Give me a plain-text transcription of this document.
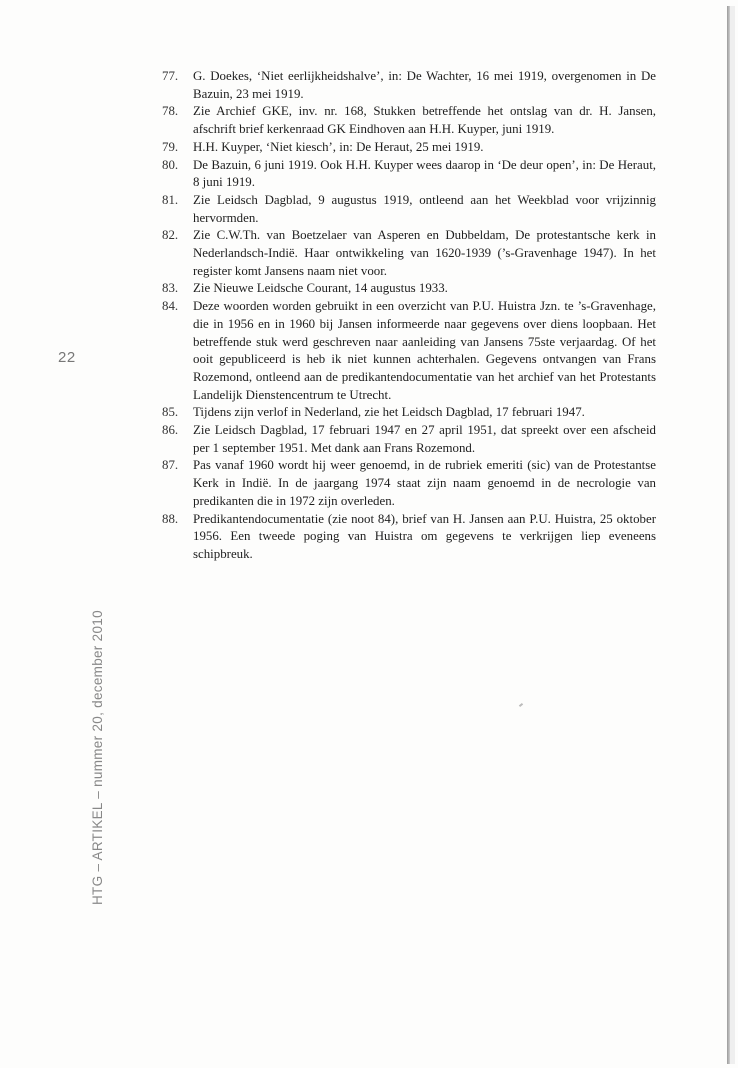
22
HTG – ARTIKEL – nummer 20, december 2010
77. G. Doekes, ‘Niet eerlijkheidshalve’, in: De Wachter, 16 mei 1919, overgenomen in De Bazuin, 23 mei 1919.
78. Zie Archief GKE, inv. nr. 168, Stukken betreffende het ontslag van dr. H. Jansen, afschrift brief kerkenraad GK Eindhoven aan H.H. Kuyper, juni 1919.
79. H.H. Kuyper, ‘Niet kiesch’, in: De Heraut, 25 mei 1919.
80. De Bazuin, 6 juni 1919. Ook H.H. Kuyper wees daarop in ‘De deur open’, in: De Heraut, 8 juni 1919.
81. Zie Leidsch Dagblad, 9 augustus 1919, ontleend aan het Weekblad voor vrijzinnig hervormden.
82. Zie C.W.Th. van Boetzelaer van Asperen en Dubbeldam, De protestantsche kerk in Nederlandsch-Indië. Haar ontwikkeling van 1620-1939 (’s-Gravenhage 1947). In het register komt Jansens naam niet voor.
83. Zie Nieuwe Leidsche Courant, 14 augustus 1933.
84. Deze woorden worden gebruikt in een overzicht van P.U. Huistra Jzn. te ’s-Gravenhage, die in 1956 en in 1960 bij Jansen informeerde naar gegevens over diens loopbaan. Het betreffende stuk werd geschreven naar aanleiding van Jansens 75ste verjaardag. Of het ooit gepubliceerd is heb ik niet kunnen achterhalen. Gegevens ontvangen van Frans Rozemond, ontleend aan de predikantendocumentatie van het archief van het Protestants Landelijk Dienstencentrum te Utrecht.
85. Tijdens zijn verlof in Nederland, zie het Leidsch Dagblad, 17 februari 1947.
86. Zie Leidsch Dagblad, 17 februari 1947 en 27 april 1951, dat spreekt over een afscheid per 1 september 1951. Met dank aan Frans Rozemond.
87. Pas vanaf 1960 wordt hij weer genoemd, in de rubriek emeriti (sic) van de Protestantse Kerk in Indië. In de jaargang 1974 staat zijn naam genoemd in de necrologie van predikanten die in 1972 zijn overleden.
88. Predikantendocumentatie (zie noot 84), brief van H. Jansen aan P.U. Huistra, 25 oktober 1956. Een tweede poging van Huistra om gegevens te verkrijgen liep eveneens schipbreuk.
